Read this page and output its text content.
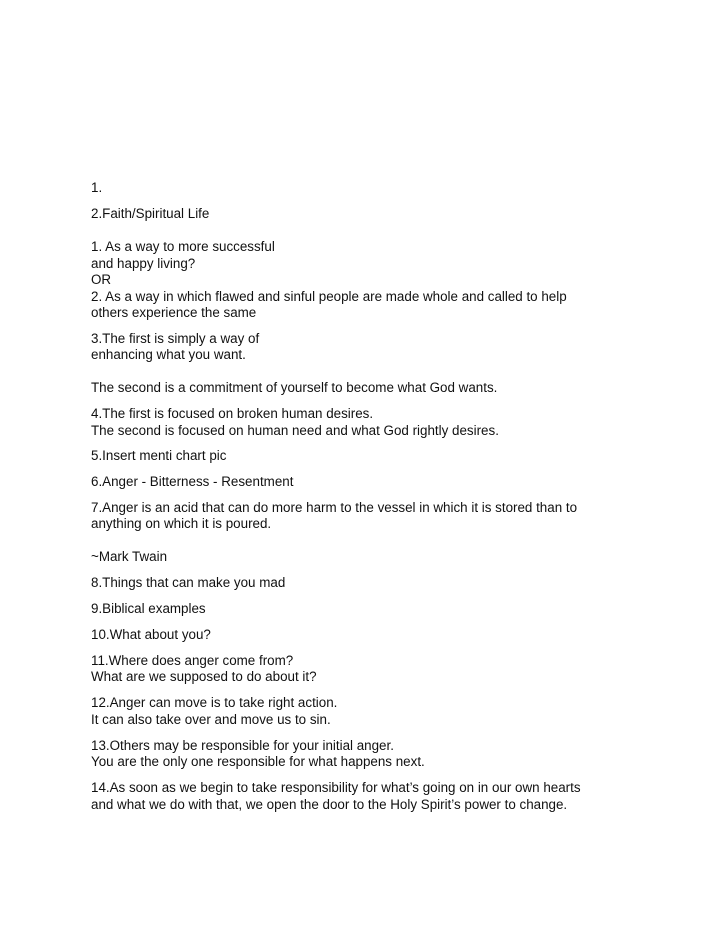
1.
2.Faith/Spiritual Life
1. As a way to more successful
and happy living?
OR
2. As a way in which flawed and sinful people are made whole and called to help
others experience the same
3.The first is simply a way of
enhancing what you want.
The second is a commitment of yourself to become what God wants.
4.The first is focused on broken human desires.
The second is focused on human need and what God rightly desires.
5.Insert menti chart pic
6.Anger - Bitterness - Resentment
7.Anger is an acid that can do more harm to the vessel in which it is stored than to
anything on which it is poured.
~Mark Twain
8.Things that can make you mad
9.Biblical examples
10.What about you?
11.Where does anger come from?
What are we supposed to do about it?
12.Anger can move is to take right action.
It can also take over and move us to sin.
13.Others may be responsible for your initial anger.
You are the only one responsible for what happens next.
14.As soon as we begin to take responsibility for what’s going on in our own hearts
and what we do with that, we open the door to the Holy Spirit’s power to change.
